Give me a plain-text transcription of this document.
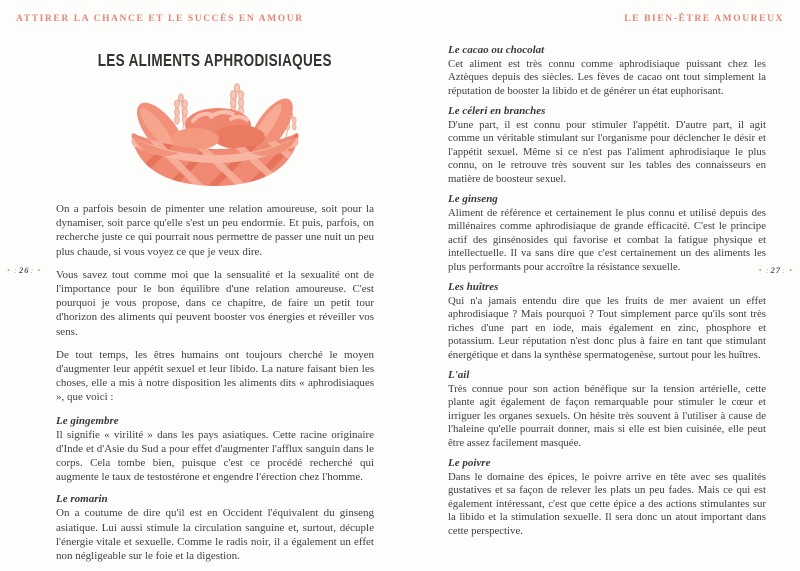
ATTIRER LA CHANCE ET LE SUCCÈS EN AMOUR	LE BIEN-ÊTRE AMOUREUX
LES ALIMENTS APHRODISIAQUES

On a parfois besoin de pimenter une relation amoureuse, soit pour la dynamiser, soit parce qu'elle s'est un peu endormie. Et puis, parfois, on recherche juste ce qui pourrait nous permettre de passer une nuit un peu plus chaude, si vous voyez ce que je veux dire.

Vous savez tout comme moi que la sensualité et la sexualité ont de l'importance pour le bon équilibre d'une relation amoureuse. C'est pourquoi je vous propose, dans ce chapitre, de faire un petit tour d'horizon des aliments qui peuvent booster vos énergies et réveiller vos sens.

De tout temps, les êtres humains ont toujours cherché le moyen d'augmenter leur appétit sexuel et leur libido. La nature faisant bien les choses, elle a mis à notre disposition les aliments dits « aphrodisiaques », que voici :

Le gingembre

Il signifie « virilité » dans les pays asiatiques. Cette racine originaire d'Inde et d'Asie du Sud a pour effet d'augmenter l'afflux sanguin dans le corps. Cela tombe bien, puisque c'est ce procédé recherché qui augmente le taux de testostérone et engendre l'érection chez l'homme.

Le romarin

On a coutume de dire qu'il est en Occident l'équivalent du ginseng asiatique. Lui aussi stimule la circulation sanguine et, surtout, décuple l'énergie vitale et sexuelle. Comme le radis noir, il a également un effet non négligeable sur le foie et la digestion.

Le cacao ou chocolat

Cet aliment est très connu comme aphrodisiaque puissant chez les Aztèques depuis des siècles. Les fèves de cacao ont tout simplement la réputation de booster la libido et de générer un état euphorisant.

Le céleri en branches

D'une part, il est connu pour stimuler l'appétit. D'autre part, il agit comme un véritable stimulant sur l'organisme pour déclencher le désir et l'appétit sexuel. Même si ce n'est pas l'aliment aphrodisiaque le plus connu, on le retrouve très souvent sur les tables des connaisseurs en matière de boosteur sexuel.

Le ginseng

Aliment de référence et certainement le plus connu et utilisé depuis des millénaires comme aphrodisiaque de grande efficacité. C'est le principe actif des ginsénosides qui favorise et combat la fatigue physique et intellectuelle. Il va sans dire que c'est certainement un des aliments les plus performants pour accroître la résistance sexuelle.

Les huîtres

Qui n'a jamais entendu dire que les fruits de mer avaient un effet aphrodisiaque ? Mais pourquoi ? Tout simplement parce qu'ils sont très riches d'une part en iode, mais également en zinc, phosphore et potassium. Leur réputation n'est donc plus à faire en tant que stimulant énergétique et dans la synthèse spermatogenèse, surtout pour les huîtres.

L'ail

Très connue pour son action bénéfique sur la tension artérielle, cette plante agit également de façon remarquable pour stimuler le cœur et irriguer les organes sexuels. On hésite très souvent à l'utiliser à cause de l'haleine qu'elle pourrait donner, mais si elle est bien cuisinée, elle peut être assez facilement masquée.

Le poivre

Dans le domaine des épices, le poivre arrive en tête avec ses qualités gustatives et sa façon de relever les plats un peu fades. Mais ce qui est également intéressant, c'est que cette épice a des actions stimulantes sur la libido et la stimulation sexuelle. Il sera donc un atout important dans cette perspective.

• :26: •	• :27: •
